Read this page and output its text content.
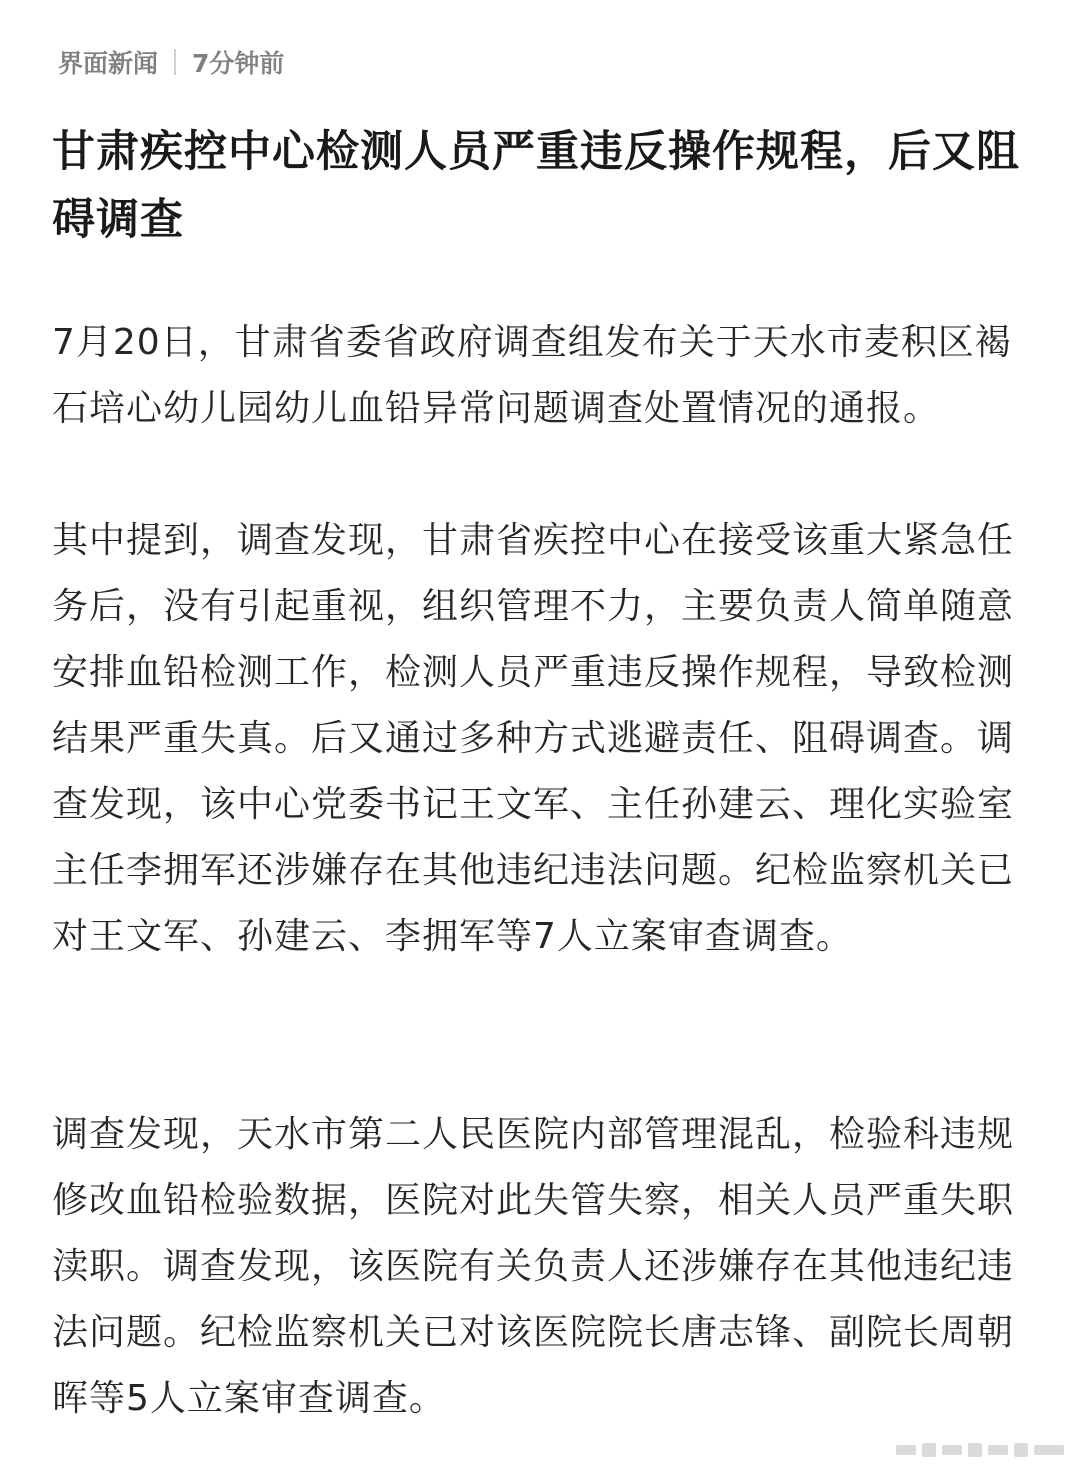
界面新闻 7分钟前
甘肃疾控中心检测人员严重违反操作规程，后又阻碍调查

7月20日，甘肃省委省政府调查组发布关于天水市麦积区褐石培心幼儿园幼儿血铅异常问题调查处置情况的通报。

其中提到，调查发现，甘肃省疾控中心在接受该重大紧急任务后，没有引起重视，组织管理不力，主要负责人简单随意安排血铅检测工作，检测人员严重违反操作规程，导致检测结果严重失真。后又通过多种方式逃避责任、阻碍调查。调查发现，该中心党委书记王文军、主任孙建云、理化实验室主任李拥军还涉嫌存在其他违纪违法问题。纪检监察机关已对王文军、孙建云、李拥军等7人立案审查调查。

调查发现，天水市第二人民医院内部管理混乱，检验科违规修改血铅检验数据，医院对此失管失察，相关人员严重失职渎职。调查发现，该医院有关负责人还涉嫌存在其他违纪违法问题。纪检监察机关已对该医院院长唐志锋、副院长周朝晖等5人立案审查调查。
